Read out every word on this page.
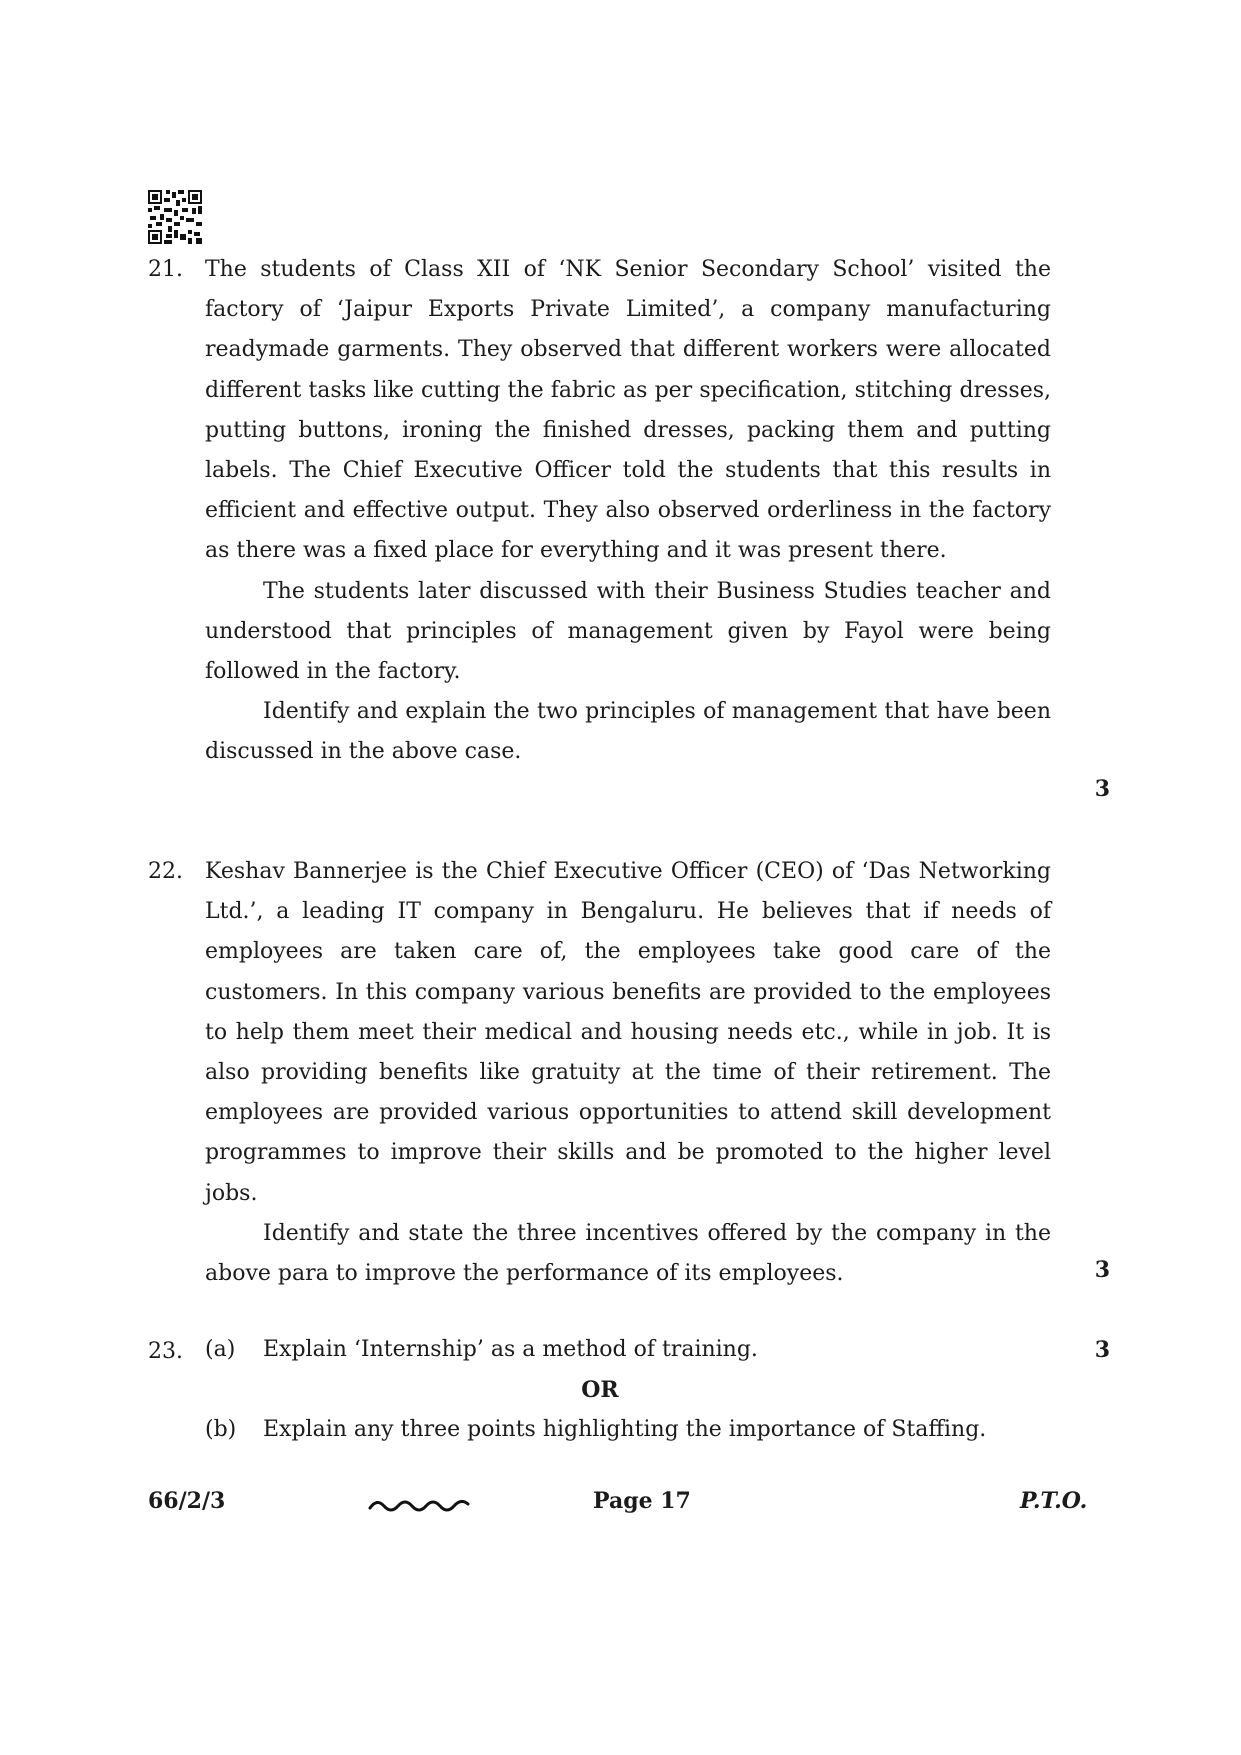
21. The students of Class XII of ‘NK Senior Secondary School’ visited the factory of ‘Jaipur Exports Private Limited’, a company manufacturing readymade garments. They observed that different workers were allocated different tasks like cutting the fabric as per specification, stitching dresses, putting buttons, ironing the finished dresses, packing them and putting labels. The Chief Executive Officer told the students that this results in efficient and effective output. They also observed orderliness in the factory as there was a fixed place for everything and it was present there.

The students later discussed with their Business Studies teacher and understood that principles of management given by Fayol were being followed in the factory.

Identify and explain the two principles of management that have been discussed in the above case.

3
22. Keshav Bannerjee is the Chief Executive Officer (CEO) of ‘Das Networking Ltd.’, a leading IT company in Bengaluru. He believes that if needs of employees are taken care of, the employees take good care of the customers. In this company various benefits are provided to the employees to help them meet their medical and housing needs etc., while in job. It is also providing benefits like gratuity at the time of their retirement. The employees are provided various opportunities to attend skill development programmes to improve their skills and be promoted to the higher level jobs.

Identify and state the three incentives offered by the company in the above para to improve the performance of its employees.	3
23. (a) Explain ‘Internship’ as a method of training.	3
OR
(b) Explain any three points highlighting the importance of Staffing.
66/2/3	Page 17	P.T.O.
